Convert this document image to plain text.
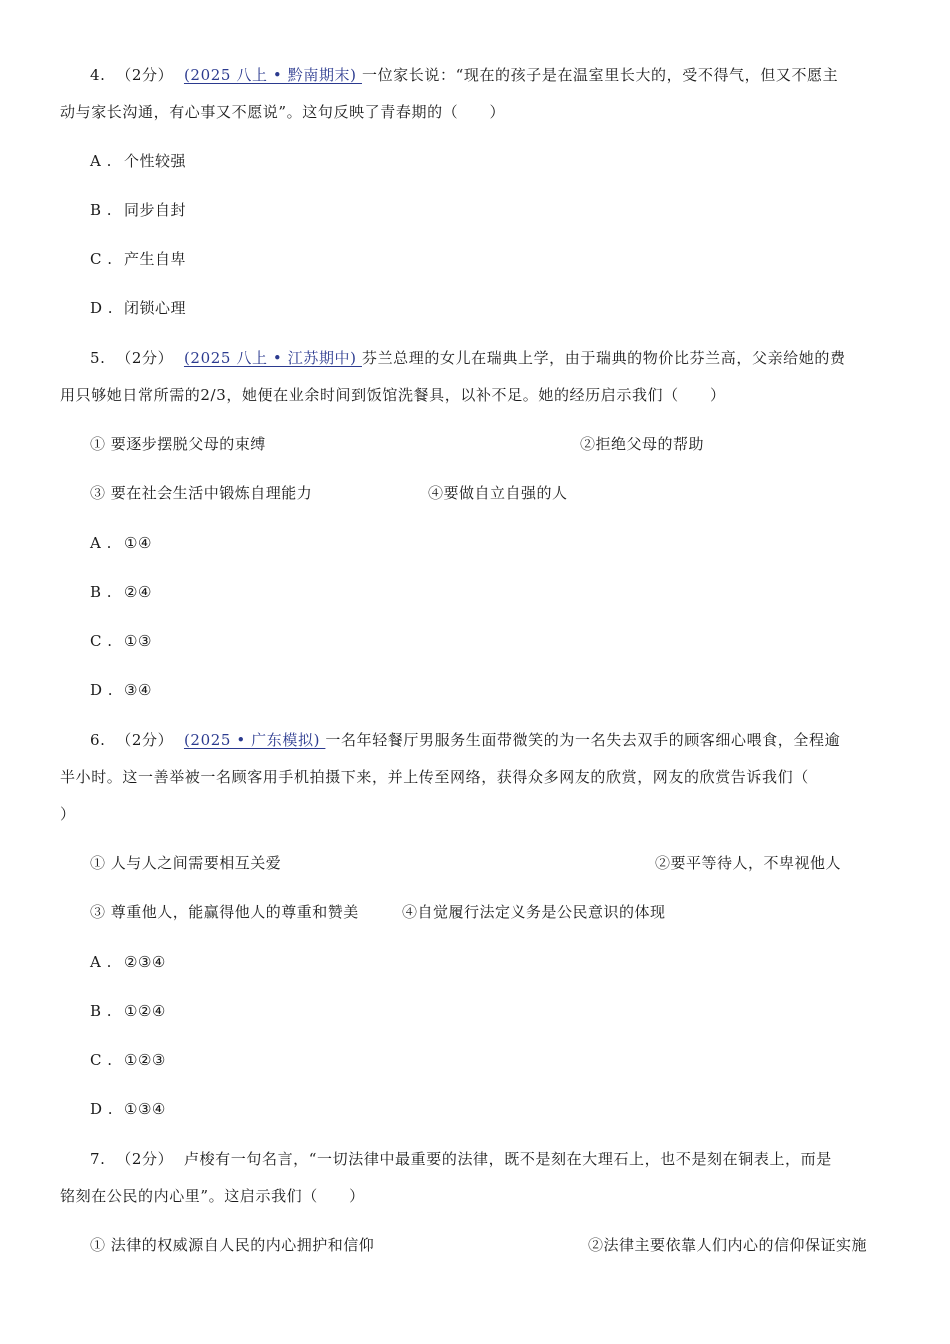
4. （2分） (2025 八上 • 黔南期末) 一位家长说：“现在的孩子是在温室里长大的，受不得气，但又不愿主
动与家长沟通，有心事又不愿说”。这句反映了青春期的（　　）
A . 个性较强
B . 同步自封
C . 产生自卑
D . 闭锁心理
5. （2分） (2025 八上 • 江苏期中) 芬兰总理的女儿在瑞典上学，由于瑞典的物价比芬兰高，父亲给她的费
用只够她日常所需的2/3，她便在业余时间到饭馆洗餐具，以补不足。她的经历启示我们（　　）
① 要逐步摆脱父母的束缚	②拒绝父母的帮助
③ 要在社会生活中锻炼自理能力	④要做自立自强的人
A . ①④
B . ②④
C . ①③
D . ③④
6. （2分） (2025 • 广东模拟) 一名年轻餐厅男服务生面带微笑的为一名失去双手的顾客细心喂食，全程逾
半小时。这一善举被一名顾客用手机拍摄下来，并上传至网络，获得众多网友的欣赏，网友的欣赏告诉我们（
）
① 人与人之间需要相互关爱	②要平等待人，不卑视他人
③ 尊重他人，能赢得他人的尊重和赞美	④自觉履行法定义务是公民意识的体现
A . ②③④
B . ①②④
C . ①②③
D . ①③④
7. （2分） 卢梭有一句名言，“一切法律中最重要的法律，既不是刻在大理石上，也不是刻在铜表上，而是
铭刻在公民的内心里”。这启示我们（　　）
① 法律的权威源自人民的内心拥护和信仰	②法律主要依靠人们内心的信仰保证实施
